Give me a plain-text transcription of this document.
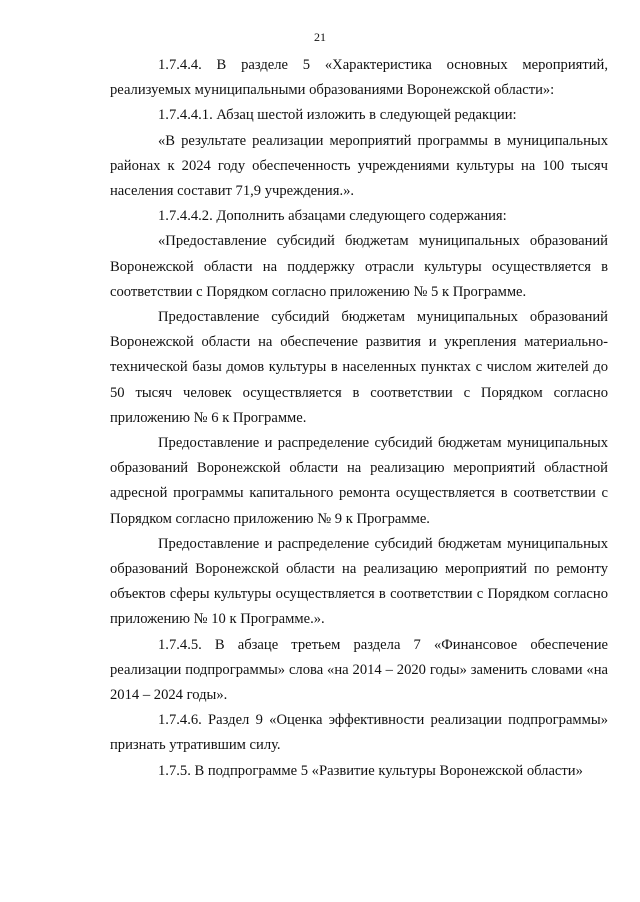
21

1.7.4.4. В разделе 5 «Характеристика основных мероприятий, реализуемых муниципальными образованиями Воронежской области»:

1.7.4.4.1. Абзац шестой изложить в следующей редакции:

«В результате реализации мероприятий программы в муниципальных районах к 2024 году обеспеченность учреждениями культуры на 100 тысяч населения составит 71,9 учреждения.».

1.7.4.4.2. Дополнить абзацами следующего содержания:

«Предоставление субсидий бюджетам муниципальных образований Воронежской области на поддержку отрасли культуры осуществляется в соответствии с Порядком согласно приложению № 5 к Программе.

Предоставление субсидий бюджетам муниципальных образований Воронежской области на обеспечение развития и укрепления материально-технической базы домов культуры в населенных пунктах с числом жителей до 50 тысяч человек осуществляется в соответствии с Порядком согласно приложению № 6 к Программе.

Предоставление и распределение субсидий бюджетам муниципальных образований Воронежской области на реализацию мероприятий областной адресной программы капитального ремонта осуществляется в соответствии с Порядком согласно приложению № 9 к Программе.

Предоставление и распределение субсидий бюджетам муниципальных образований Воронежской области на реализацию мероприятий по ремонту объектов сферы культуры осуществляется в соответствии с Порядком согласно приложению № 10 к Программе.».

1.7.4.5. В абзаце третьем раздела 7 «Финансовое обеспечение реализации подпрограммы» слова «на 2014 – 2020 годы» заменить словами «на 2014 – 2024 годы».

1.7.4.6. Раздел 9 «Оценка эффективности реализации подпрограммы» признать утратившим силу.

1.7.5. В подпрограмме 5 «Развитие культуры Воронежской области»
